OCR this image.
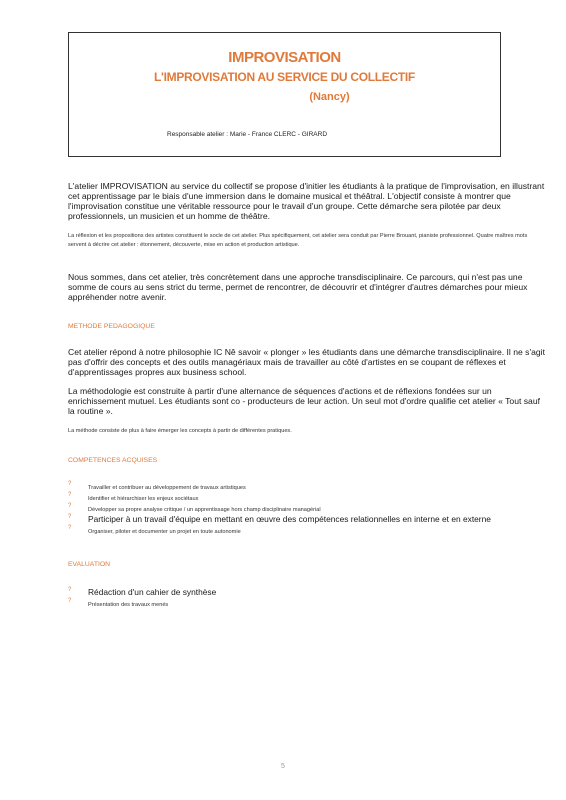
IMPROVISATION
L'IMPROVISATION AU SERVICE DU COLLECTIF
(Nancy)
Responsable atelier : Marie - France CLERC - GIRARD
L'atelier IMPROVISATION au service du collectif se propose d'initier les étudiants à la pratique de l'improvisation, en illustrant cet apprentissage par le biais d'une immersion dans le domaine musical et théâtral. L'objectif consiste à montrer que l'improvisation constitue une véritable ressource pour le travail d'un groupe. Cette démarche sera pilotée par deux professionnels, un musicien et un homme de théâtre.
La réflexion et les propositions des artistes constituent le socle de cet atelier. Plus spécifiquement, cet atelier sera conduit par Pierre Brouant, pianiste professionnel. Quatre maîtres mots servent à décrire cet atelier : étonnement, découverte, mise en action et production artistique.
Nous sommes, dans cet atelier, très concrètement dans une approche transdisciplinaire. Ce parcours, qui n'est pas une somme de cours au sens strict du terme, permet de rencontrer, de découvrir et d'intégrer d'autres démarches pour mieux appréhender notre avenir.
METHODE PEDAGOGIQUE
Cet atelier répond à notre philosophie IC Nê savoir « plonger » les étudiants dans une démarche transdisciplinaire. Il ne s'agit pas d'offrir des concepts et des outils managériaux mais de travailler au côté d'artistes en se coupant de réflexes et d'apprentissages propres aux business school.
La méthodologie est construite à partir d'une alternance de séquences d'actions et de réflexions fondées sur un enrichissement mutuel. Les étudiants sont co - producteurs de leur action. Un seul mot d'ordre qualifie cet atelier « Tout sauf la routine ».
La méthode consiste de plus à faire émerger les concepts à partir de différentes pratiques.
COMPETENCES ACQUISES
?
Travailler et contribuer au développement de travaux artistiques
?
Identifier et hiérarchiser les enjeux sociétaux
?
Développer sa propre analyse critique / un apprentissage hors champ disciplinaire managérial
? Participer à un travail d'équipe en mettant en œuvre des compétences relationnelles en interne et en externe
?
Organiser, piloter et documenter un projet en toute autonomie
EVALUATION
? Rédaction d'un cahier de synthèse
?
Présentation des travaux menés
5
